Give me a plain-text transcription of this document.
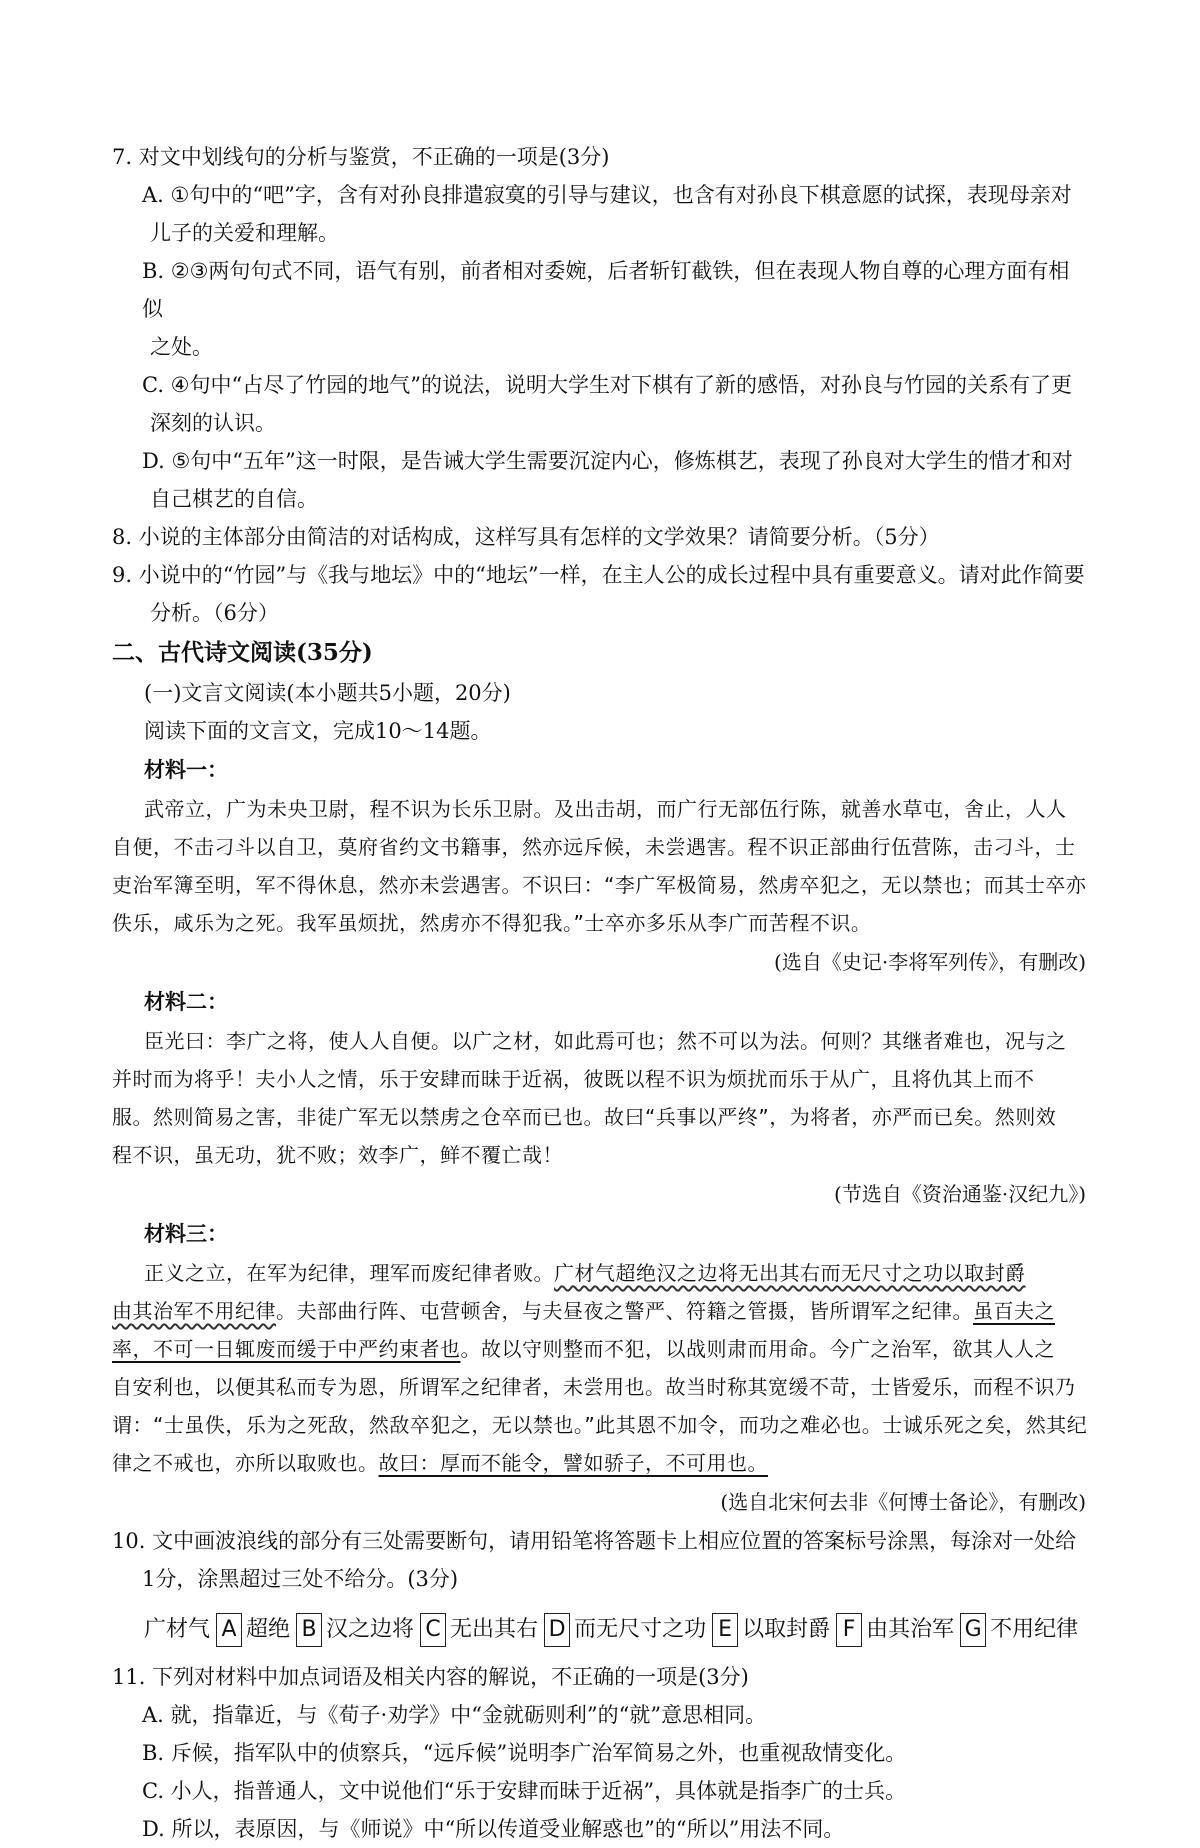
7. 对文中划线句的分析与鉴赏，不正确的一项是(3分)
A. ①句中的“吧”字，含有对孙良排遣寂寞的引导与建议，也含有对孙良下棋意愿的试探，表现母亲对
儿子的关爱和理解。
B. ②③两句句式不同，语气有别，前者相对委婉，后者斩钉截铁，但在表现人物自尊的心理方面有相似
之处。
C. ④句中“占尽了竹园的地气”的说法，说明大学生对下棋有了新的感悟，对孙良与竹园的关系有了更
深刻的认识。
D. ⑤句中“五年”这一时限，是告诫大学生需要沉淀内心，修炼棋艺，表现了孙良对大学生的惜才和对
自己棋艺的自信。
8. 小说的主体部分由简洁的对话构成，这样写具有怎样的文学效果？请简要分析。（5分）
9. 小说中的“竹园”与《我与地坛》中的“地坛”一样，在主人公的成长过程中具有重要意义。请对此作简要
分析。（6分）
二、古代诗文阅读(35分)
(一)文言文阅读(本小题共5小题，20分)
阅读下面的文言文，完成10～14题。
材料一：
武帝立，广为未央卫尉，程不识为长乐卫尉。及出击胡，而广行无部伍行陈，就善水草屯，舍止，人人
自便，不击刁斗以自卫，莫府省约文书籍事，然亦远斥候，未尝遇害。程不识正部曲行伍营陈，击刁斗，士
吏治军簿至明，军不得休息，然亦未尝遇害。不识曰：“李广军极简易，然虏卒犯之，无以禁也；而其士卒亦
佚乐，咸乐为之死。我军虽烦扰，然虏亦不得犯我。”士卒亦多乐从李广而苦程不识。
(选自《史记·李将军列传》，有删改)
材料二：
臣光曰：李广之将，使人人自便。以广之材，如此焉可也；然不可以为法。何则？其继者难也，况与之
并时而为将乎！夫小人之情，乐于安肆而昧于近祸，彼既以程不识为烦扰而乐于从广，且将仇其上而不
服。然则简易之害，非徒广军无以禁虏之仓卒而已也。故曰“兵事以严终”，为将者，亦严而已矣。然则效
程不识，虽无功，犹不败；效李广，鲜不覆亡哉！
(节选自《资治通鉴·汉纪九》)
材料三：
正义之立，在军为纪律，理军而废纪律者败。广材气超绝汉之边将无出其右而无尺寸之功以取封爵
由其治军不用纪律。夫部曲行阵、屯营顿舍，与夫昼夜之警严、符籍之管摄，皆所谓军之纪律。虽百夫之
率，不可一日辄废而缓于中严约束者也。故以守则整而不犯，以战则肃而用命。今广之治军，欲其人人之
自安利也，以便其私而专为恩，所谓军之纪律者，未尝用也。故当时称其宽缓不苛，士皆爱乐，而程不识乃
谓：“士虽佚，乐为之死敌，然敌卒犯之，无以禁也。”此其恩不加令，而功之难必也。士诚乐死之矣，然其纪
律之不戒也，亦所以取败也。故曰：厚而不能令，譬如骄子，不可用也。
(选自北宋何去非《何博士备论》，有删改)
10. 文中画波浪线的部分有三处需要断句，请用铅笔将答题卡上相应位置的答案标号涂黑，每涂对一处给
1分，涂黑超过三处不给分。(3分)
广材气 A 超绝 B 汉之边将 C 无出其右 D 而无尺寸之功 E 以取封爵 F 由其治军 G 不用纪律
11. 下列对材料中加点词语及相关内容的解说，不正确的一项是(3分)
A. 就，指靠近，与《荀子·劝学》中“金就砺则利”的“就”意思相同。
B. 斥候，指军队中的侦察兵，“远斥候”说明李广治军简易之外，也重视敌情变化。
C. 小人，指普通人，文中说他们“乐于安肆而昧于近祸”，具体就是指李广的士兵。
D. 所以，表原因，与《师说》中“所以传道受业解惑也”的“所以”用法不同。
